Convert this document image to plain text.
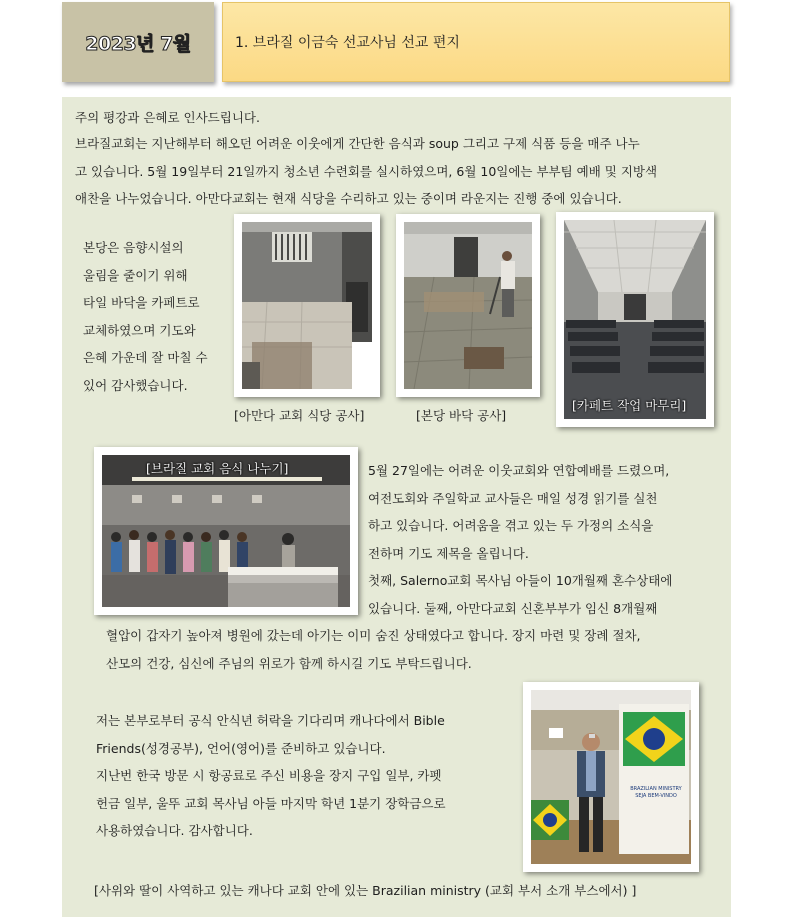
2023년 7월	1. 브라질 이금숙 선교사님 선교 편지
주의 평강과 은혜로 인사드립니다.
브라질교회는 지난해부터 해오던 어려운 이웃에게 간단한 음식과 soup 그리고 구제 식품 등을 매주 나누
고 있습니다. 5월 19일부터 21일까지 청소년 수련회를 실시하였으며, 6월 10일에는 부부팀 예배 및 지방색
애찬을 나누었습니다. 아만다교회는 현재 식당을 수리하고 있는 중이며 라운지는 진행 중에 있습니다.
본당은 음향시설의
울림을 줄이기 위해
타일 바닥을 카페트로
교체하였으며 기도와
은혜 가운데 잘 마칠 수
있어 감사했습니다.
[아만다 교회 식당 공사]	[본당 바닥 공사]
[카페트 작업 마무리]
[브라질 교회 음식 나누기]	5월 27일에는 어려운 이웃교회와 연합예배를 드렸으며,
여전도회와 주일학교 교사들은 매일 성경 읽기를 실천
하고 있습니다. 어려움을 겪고 있는 두 가정의 소식을
전하며 기도 제목을 올립니다.
첫째, Salerno교회 목사님 아들이 10개월째 혼수상태에
있습니다. 둘째, 아만다교회 신혼부부가 임신 8개월째
혈압이 갑자기 높아져 병원에 갔는데 아기는 이미 숨진 상태였다고 합니다. 장지 마련 및 장례 절차,
산모의 건강, 심신에 주님의 위로가 함께 하시길 기도 부탁드립니다.
저는 본부로부터 공식 안식년 허락을 기다리며 캐나다에서 Bible
Friends(성경공부), 언어(영어)를 준비하고 있습니다.
지난번 한국 방문 시 항공료로 주신 비용을 장지 구입 일부, 카펫
헌금 일부, 울뚜 교회 목사님 아들 마지막 학년 1분기 장학금으로
사용하였습니다. 감사합니다.
BRAZILIAN MINISTRY
SEJA BEM-VINDO
[사위와 딸이 사역하고 있는 캐나다 교회 안에 있는 Brazilian ministry (교회 부서 소개 부스에서) ]
